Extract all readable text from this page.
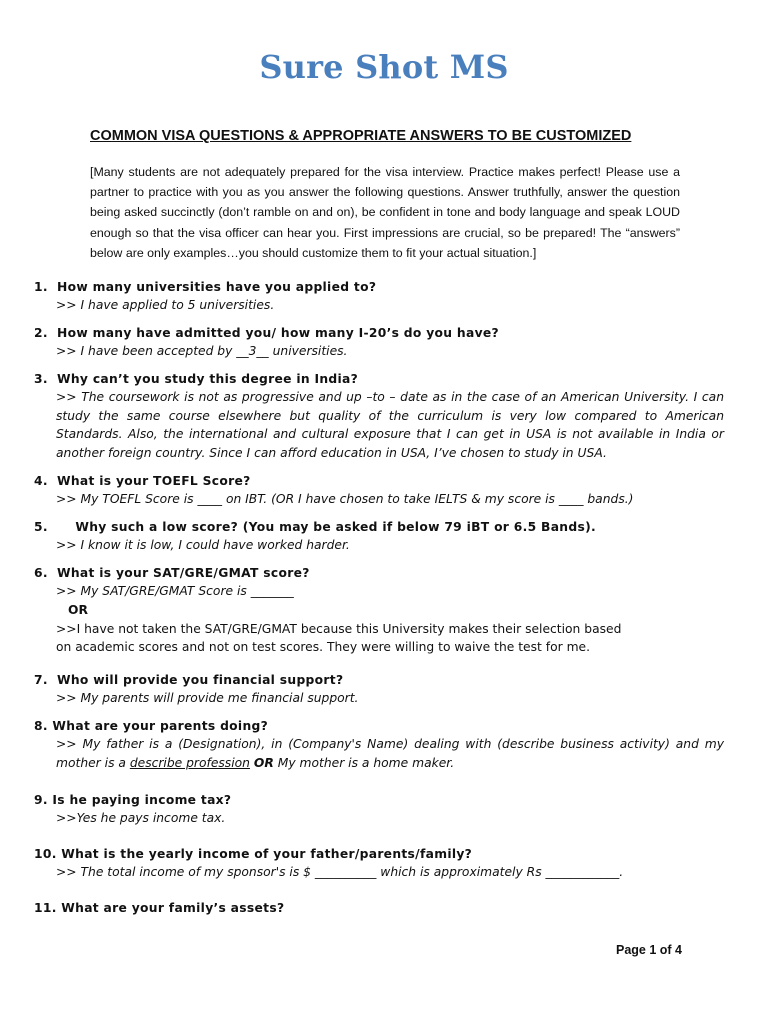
Sure Shot MS
COMMON VISA QUESTIONS & APPROPRIATE ANSWERS TO BE CUSTOMIZED
[Many students are not adequately prepared for the visa interview. Practice makes perfect! Please use a partner to practice with you as you answer the following questions. Answer truthfully, answer the question being asked succinctly (don’t ramble on and on), be confident in tone and body language and speak LOUD enough so that the visa officer can hear you. First impressions are crucial, so be prepared! The “answers” below are only examples…you should customize them to fit your actual situation.]
1. How many universities have you applied to?
>> I have applied to 5 universities.
2. How many have admitted you/ how many I-20’s do you have?
>> I have been accepted by __3__ universities.
3. Why can’t you study this degree in India?
>> The coursework is not as progressive and up –to – date as in the case of an American University. I can study the same course elsewhere but quality of the curriculum is very low compared to American Standards. Also, the international and cultural exposure that I can get in USA is not available in India or another foreign country. Since I can afford education in USA, I’ve chosen to study in USA.
4. What is your TOEFL Score?
>> My TOEFL Score is ____ on IBT. (OR I have chosen to take IELTS & my score is ____ bands.)
5. Why such a low score? (You may be asked if below 79 iBT or 6.5 Bands).
>> I know it is low, I could have worked harder.
6. What is your SAT/GRE/GMAT score?
>> My SAT/GRE/GMAT Score is _______
OR
>>I have not taken the SAT/GRE/GMAT because this University makes their selection based
on academic scores and not on test scores. They were willing to waive the test for me.
7. Who will provide you financial support?
>> My parents will provide me financial support.
8. What are your parents doing?
>> My father is a (Designation), in (Company's Name) dealing with (describe business activity) and my mother is a describe profession OR My mother is a home maker.
9. Is he paying income tax?
>>Yes he pays income tax.
10. What is the yearly income of your father/parents/family?
>> The total income of my sponsor's is $ __________ which is approximately Rs ____________.
11. What are your family’s assets?
Page 1 of 4
